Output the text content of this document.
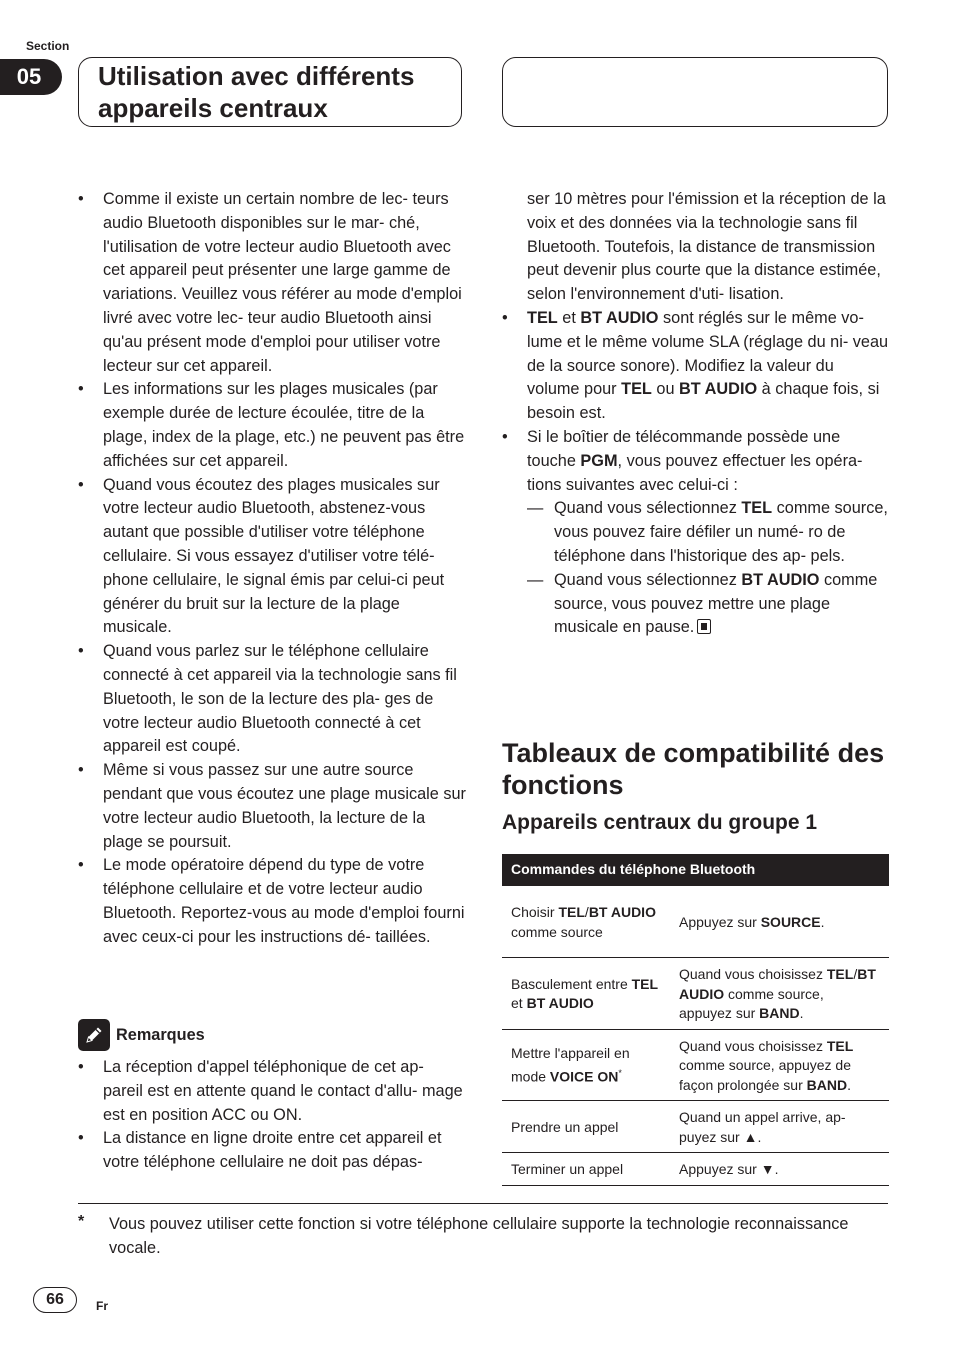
Section
05	Utilisation avec différents
appareils centraux

•	Comme il existe un certain nombre de lec- teurs audio Bluetooth disponibles sur le mar- ché, l'utilisation de votre lecteur audio Bluetooth avec cet appareil peut présenter une large gamme de variations. Veuillez vous référer au mode d'emploi livré avec votre lec- teur audio Bluetooth ainsi qu'au présent mode d'emploi pour utiliser votre lecteur sur cet appareil.

•	Les informations sur les plages musicales (par exemple durée de lecture écoulée, titre de la plage, index de la plage, etc.) ne peuvent pas être affichées sur cet appareil.

•	Quand vous écoutez des plages musicales sur votre lecteur audio Bluetooth, abstenez-vous autant que possible d'utiliser votre téléphone cellulaire. Si vous essayez d'utiliser votre télé- phone cellulaire, le signal émis par celui-ci peut générer du bruit sur la lecture de la plage musicale.

•	Quand vous parlez sur le téléphone cellulaire connecté à cet appareil via la technologie sans fil Bluetooth, le son de la lecture des pla- ges de votre lecteur audio Bluetooth connecté à cet appareil est coupé.

•	Même si vous passez sur une autre source pendant que vous écoutez une plage musicale sur votre lecteur audio Bluetooth, la lecture de la plage se poursuit.

•	Le mode opératoire dépend du type de votre téléphone cellulaire et de votre lecteur audio Bluetooth. Reportez-vous au mode d'emploi fourni avec ceux-ci pour les instructions dé- taillées.

Remarques

•	La réception d'appel téléphonique de cet ap- pareil est en attente quand le contact d'allu- mage est en position ACC ou ON.

•	La distance en ligne droite entre cet appareil et votre téléphone cellulaire ne doit pas dépas-

ser 10 mètres pour l'émission et la réception de la voix et des données via la technologie sans fil Bluetooth. Toutefois, la distance de transmission peut devenir plus courte que la distance estimée, selon l'environnement d'uti- lisation.

•	TEL et BT AUDIO sont réglés sur le même vo- lume et le même volume SLA (réglage du ni- veau de la source sonore). Modifiez la valeur du volume pour TEL ou BT AUDIO à chaque fois, si besoin est.

•	Si le boîtier de télécommande possède une touche PGM, vous pouvez effectuer les opéra- tions suivantes avec celui-ci :

— Quand vous sélectionnez TEL comme source, vous pouvez faire défiler un numé- ro de téléphone dans l'historique des ap- pels.

— Quand vous sélectionnez BT AUDIO comme source, vous pouvez mettre une plage musicale en pause.

Tableaux de compatibilité des fonctions
Appareils centraux du groupe 1
Commandes du téléphone Bluetooth	
Choisir TEL/BT AUDIO comme source	Appuyez sur SOURCE.
Basculement entre TEL et BT AUDIO	Quand vous choisissez TEL/BT AUDIO comme source, appuyez sur BAND.
Mettre l'appareil en mode VOICE ON*	Quand vous choisissez TEL comme source, appuyez de façon prolongée sur BAND.
Prendre un appel	Quand un appel arrive, ap- puyez sur ▲.
Terminer un appel	Appuyez sur ▼.
* Vous pouvez utiliser cette fonction si votre téléphone cellulaire supporte la technologie reconnaissance vocale.
66	Fr
